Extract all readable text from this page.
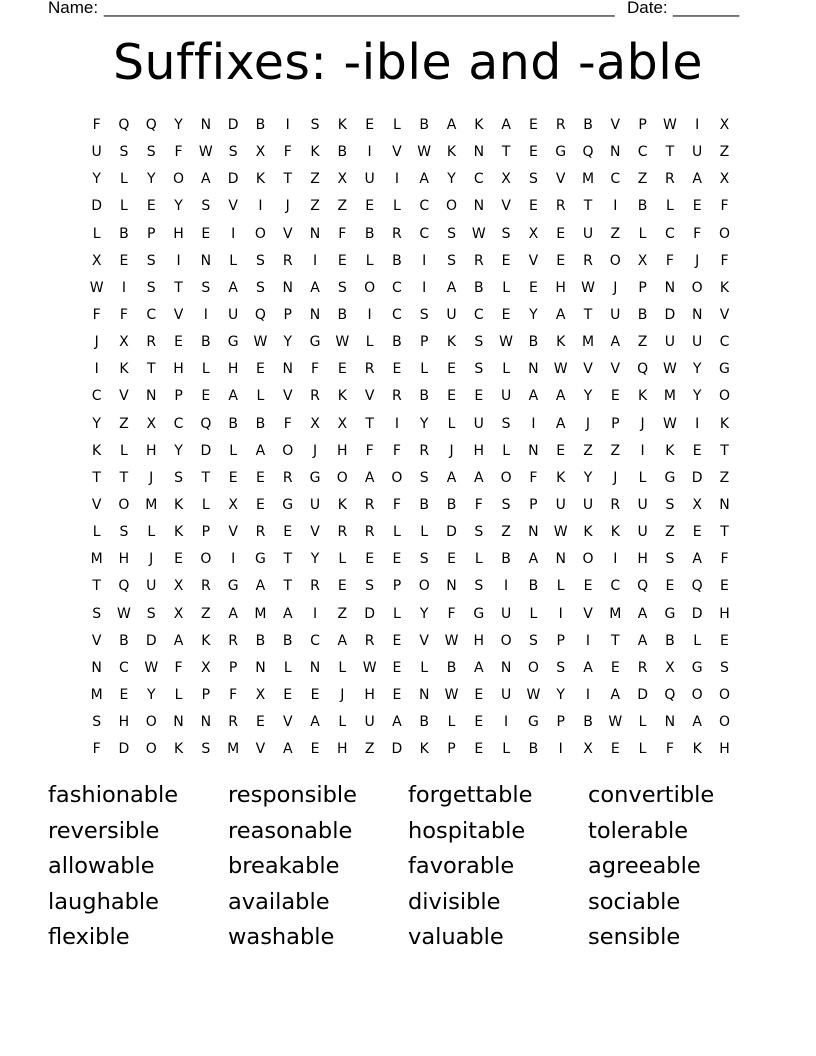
Name: ______________________________________________________ Date: _______
Suffixes: -ible and -able
F	Q	Q	Y	N	D	B	I	S	K	E	L	B	A	K	A	E	R	B	V	P	W	I	X
U	S	S	F	W	S	X	F	K	B	I	V	W	K	N	T	E	G	Q	N	C	T	U	Z
Y	L	Y	O	A	D	K	T	Z	X	U	I	A	Y	C	X	S	V	M	C	Z	R	A	X
D	L	E	Y	S	V	I	J	Z	Z	E	L	C	O	N	V	E	R	T	I	B	L	E	F
L	B	P	H	E	I	O	V	N	F	B	R	C	S	W	S	X	E	U	Z	L	C	F	O
X	E	S	I	N	L	S	R	I	E	L	B	I	S	R	E	V	E	R	O	X	F	J	F
W	I	S	T	S	A	S	N	A	S	O	C	I	A	B	L	E	H	W	J	P	N	O	K
F	F	C	V	I	U	Q	P	N	B	I	C	S	U	C	E	Y	A	T	U	B	D	N	V
J	X	R	E	B	G	W	Y	G	W	L	B	P	K	S	W	B	K	M	A	Z	U	U	C
I	K	T	H	L	H	E	N	F	E	R	E	L	E	S	L	N	W	V	V	Q	W	Y	G
C	V	N	P	E	A	L	V	R	K	V	R	B	E	E	U	A	A	Y	E	K	M	Y	O
Y	Z	X	C	Q	B	B	F	X	X	T	I	Y	L	U	S	I	A	J	P	J	W	I	K
K	L	H	Y	D	L	A	O	J	H	F	F	R	J	H	L	N	E	Z	Z	I	K	E	T
T	T	J	S	T	E	E	R	G	O	A	O	S	A	A	O	F	K	Y	J	L	G	D	Z
V	O	M	K	L	X	E	G	U	K	R	F	B	B	F	S	P	U	U	R	U	S	X	N
L	S	L	K	P	V	R	E	V	R	R	L	L	D	S	Z	N	W	K	K	U	Z	E	T
M	H	J	E	O	I	G	T	Y	L	E	E	S	E	L	B	A	N	O	I	H	S	A	F
T	Q	U	X	R	G	A	T	R	E	S	P	O	N	S	I	B	L	E	C	Q	E	Q	E
S	W	S	X	Z	A	M	A	I	Z	D	L	Y	F	G	U	L	I	V	M	A	G	D	H
V	B	D	A	K	R	B	B	C	A	R	E	V	W	H	O	S	P	I	T	A	B	L	E
N	C	W	F	X	P	N	L	N	L	W	E	L	B	A	N	O	S	A	E	R	X	G	S
M	E	Y	L	P	F	X	E	E	J	H	E	N	W	E	U	W	Y	I	A	D	Q	O	O
S	H	O	N	N	R	E	V	A	L	U	A	B	L	E	I	G	P	B	W	L	N	A	O
F	D	O	K	S	M	V	A	E	H	Z	D	K	P	E	L	B	I	X	E	L	F	K	H
fashionable	responsible	forgettable	convertible
reversible	reasonable	hospitable	tolerable
allowable	breakable	favorable	agreeable
laughable	available	divisible	sociable
flexible	washable	valuable	sensible
